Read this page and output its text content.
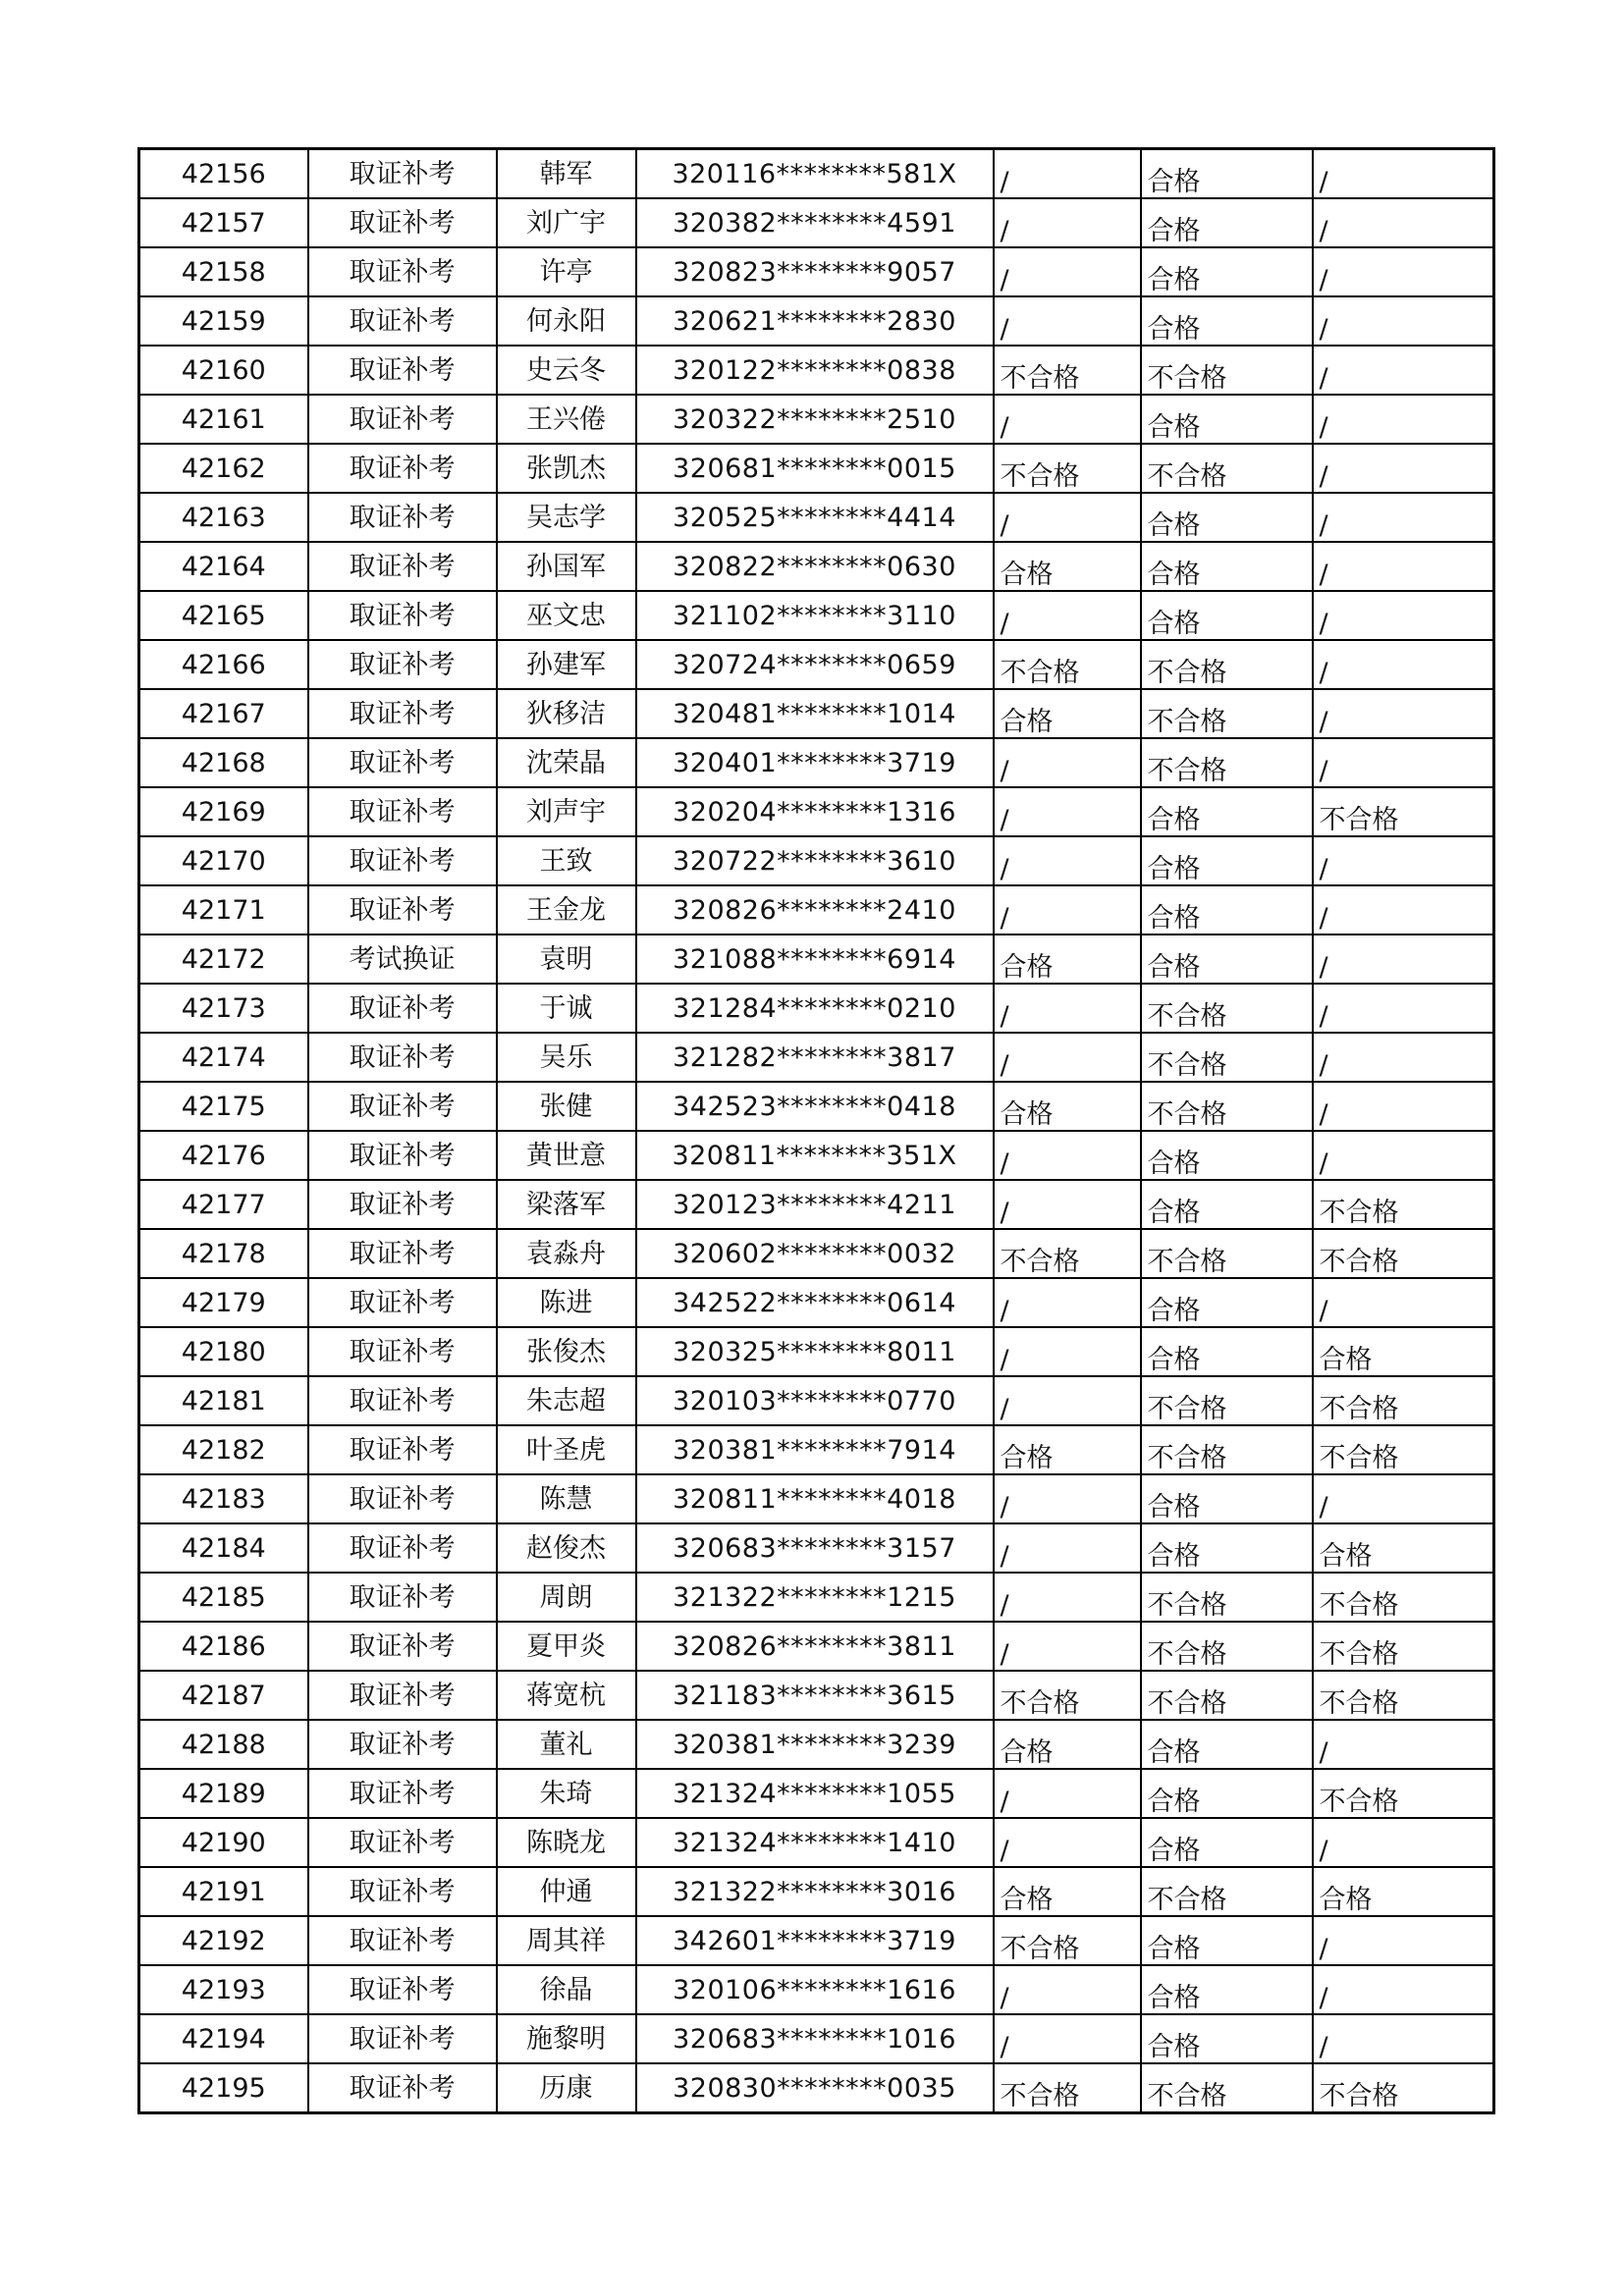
42156	取证补考	韩军	320116********581X	/	合格	/
42157	取证补考	刘广宇	320382********4591	/	合格	/
42158	取证补考	许亭	320823********9057	/	合格	/
42159	取证补考	何永阳	320621********2830	/	合格	/
42160	取证补考	史云冬	320122********0838	不合格	不合格	/
42161	取证补考	王兴倦	320322********2510	/	合格	/
42162	取证补考	张凯杰	320681********0015	不合格	不合格	/
42163	取证补考	吴志学	320525********4414	/	合格	/
42164	取证补考	孙国军	320822********0630	合格	合格	/
42165	取证补考	巫文忠	321102********3110	/	合格	/
42166	取证补考	孙建军	320724********0659	不合格	不合格	/
42167	取证补考	狄移洁	320481********1014	合格	不合格	/
42168	取证补考	沈荣晶	320401********3719	/	不合格	/
42169	取证补考	刘声宇	320204********1316	/	合格	不合格
42170	取证补考	王致	320722********3610	/	合格	/
42171	取证补考	王金龙	320826********2410	/	合格	/
42172	考试换证	袁明	321088********6914	合格	合格	/
42173	取证补考	于诚	321284********0210	/	不合格	/
42174	取证补考	吴乐	321282********3817	/	不合格	/
42175	取证补考	张健	342523********0418	合格	不合格	/
42176	取证补考	黄世意	320811********351X	/	合格	/
42177	取证补考	梁落军	320123********4211	/	合格	不合格
42178	取证补考	袁淼舟	320602********0032	不合格	不合格	不合格
42179	取证补考	陈进	342522********0614	/	合格	/
42180	取证补考	张俊杰	320325********8011	/	合格	合格
42181	取证补考	朱志超	320103********0770	/	不合格	不合格
42182	取证补考	叶圣虎	320381********7914	合格	不合格	不合格
42183	取证补考	陈慧	320811********4018	/	合格	/
42184	取证补考	赵俊杰	320683********3157	/	合格	合格
42185	取证补考	周朗	321322********1215	/	不合格	不合格
42186	取证补考	夏甲炎	320826********3811	/	不合格	不合格
42187	取证补考	蒋宽杭	321183********3615	不合格	不合格	不合格
42188	取证补考	董礼	320381********3239	合格	合格	/
42189	取证补考	朱琦	321324********1055	/	合格	不合格
42190	取证补考	陈晓龙	321324********1410	/	合格	/
42191	取证补考	仲通	321322********3016	合格	不合格	合格
42192	取证补考	周其祥	342601********3719	不合格	合格	/
42193	取证补考	徐晶	320106********1616	/	合格	/
42194	取证补考	施黎明	320683********1016	/	合格	/
42195	取证补考	历康	320830********0035	不合格	不合格	不合格
